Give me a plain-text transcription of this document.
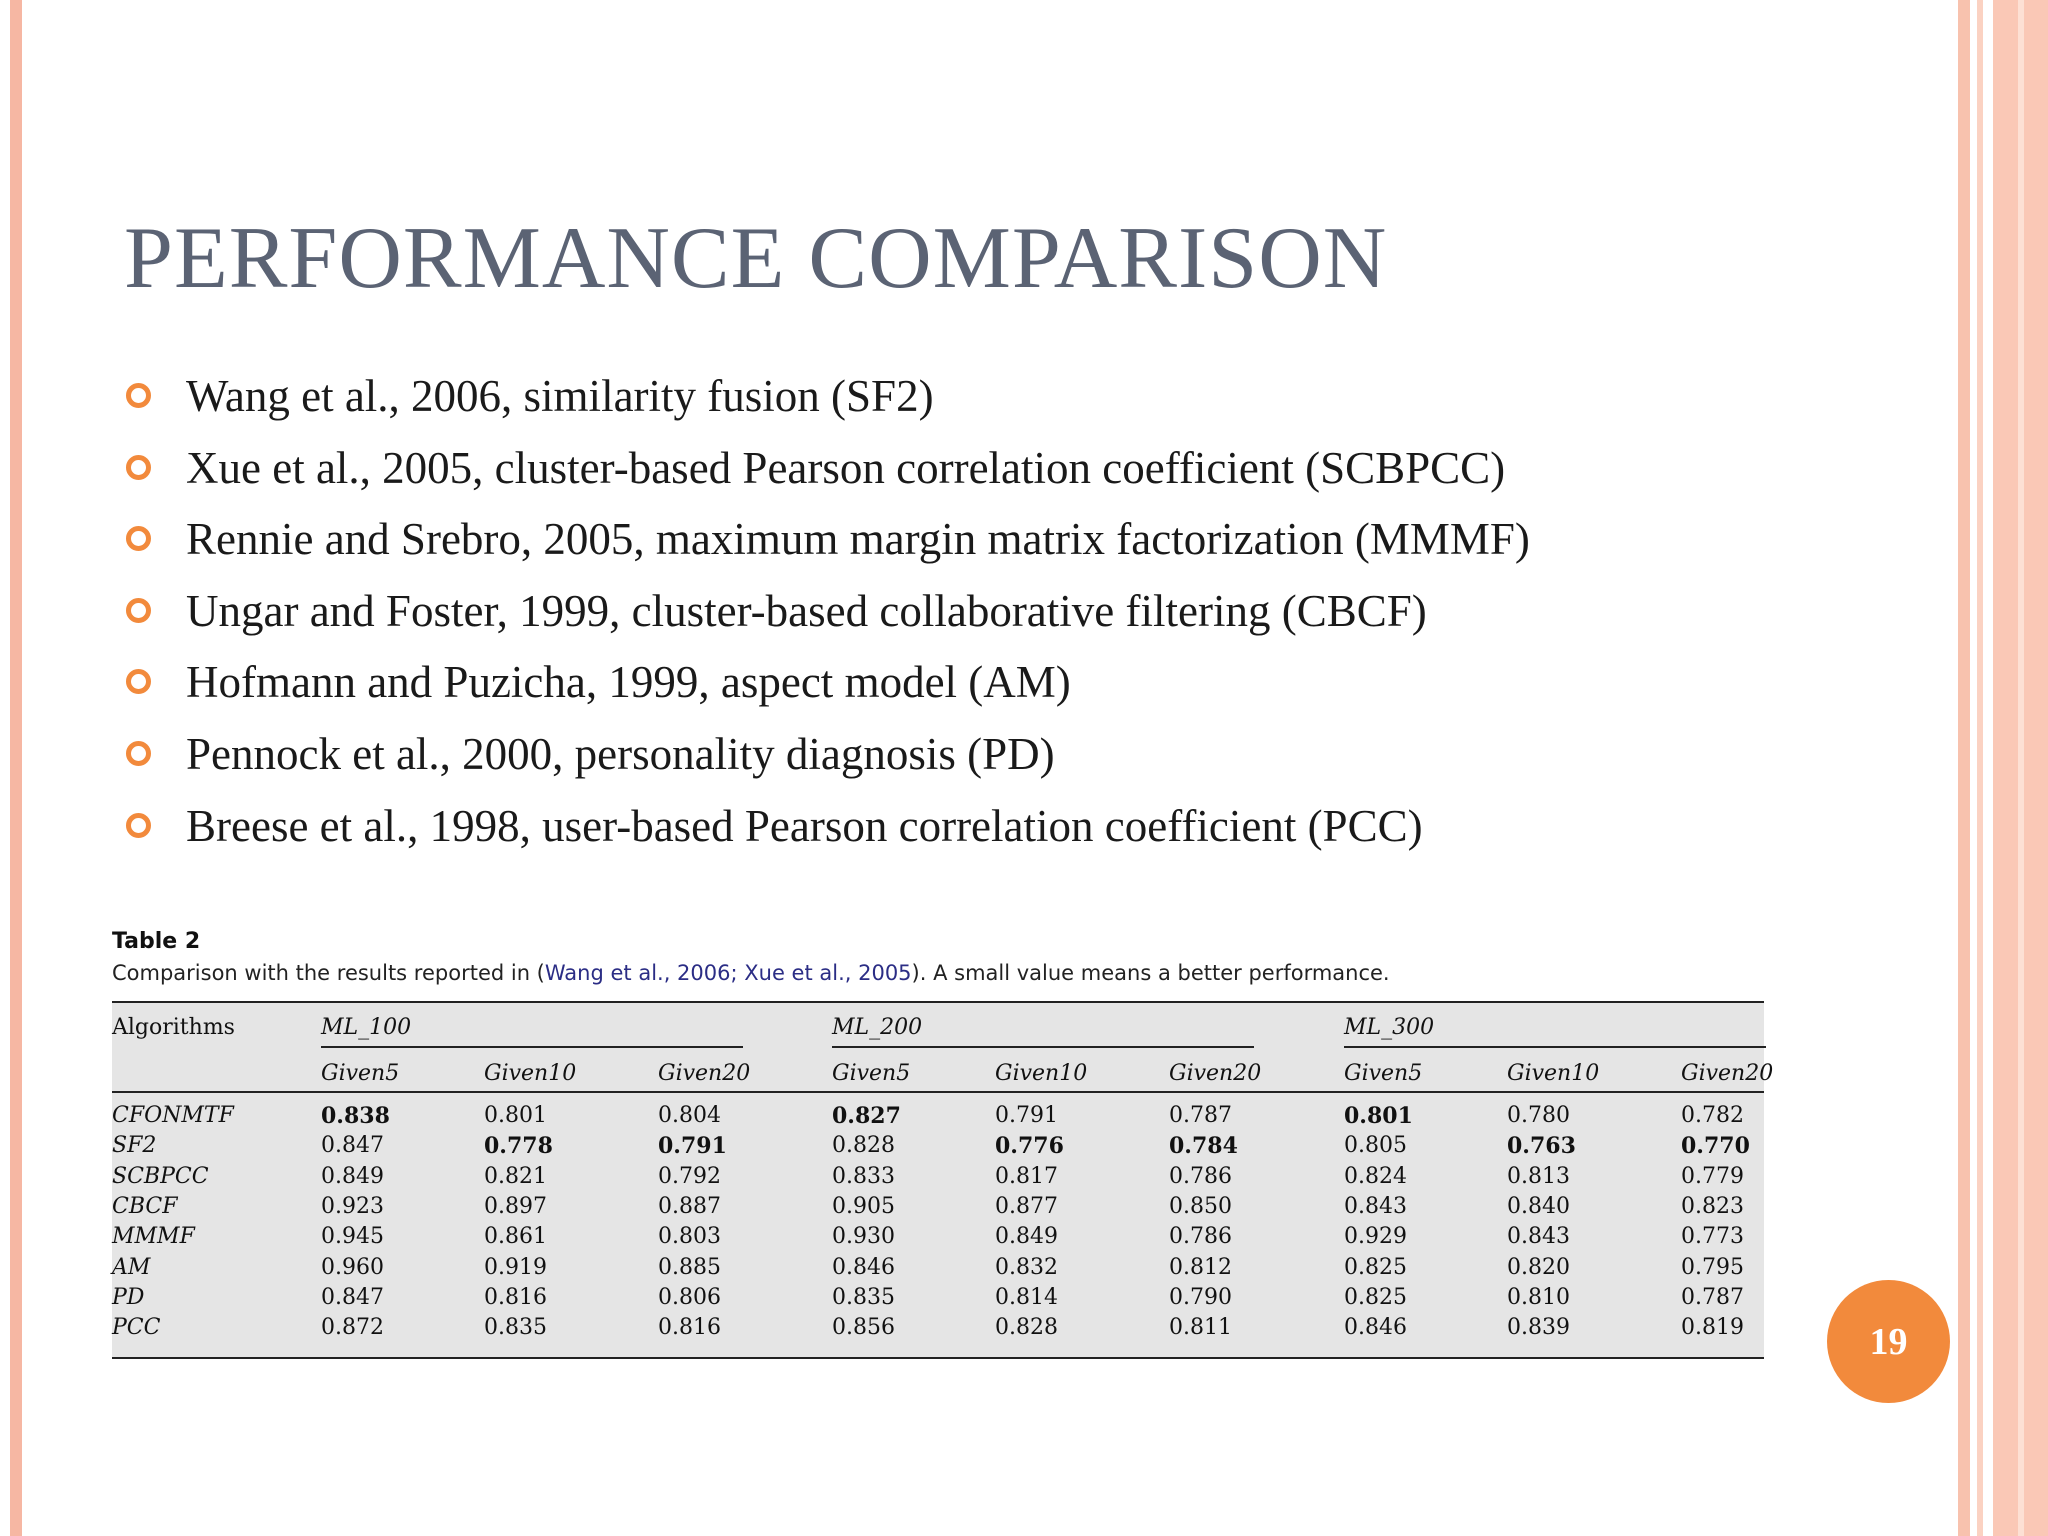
PERFORMANCE COMPARISON
Wang et al., 2006, similarity fusion (SF2)
Xue et al., 2005, cluster-based Pearson correlation coefficient (SCBPCC)
Rennie and Srebro, 2005, maximum margin matrix factorization (MMMF)
Ungar and Foster, 1999, cluster-based collaborative filtering (CBCF)
Hofmann and Puzicha, 1999, aspect model (AM)
Pennock et al., 2000, personality diagnosis (PD)
Breese et al., 1998, user-based Pearson correlation coefficient (PCC)
Table 2
Comparison with the results reported in (Wang et al., 2006; Xue et al., 2005). A small value means a better performance.
Algorithms	ML_100
Given5	Given10	Given20
ML_200
Given5	Given10	Given20
ML_300
Given5	Given10	Given20
CFONMTF	0.838	0.801	0.804	0.827	0.791	0.787	0.801	0.780	0.782
SF2	0.847	0.778	0.791	0.828	0.776	0.784	0.805	0.763	0.770
SCBPCC	0.849	0.821	0.792	0.833	0.817	0.786	0.824	0.813	0.779
CBCF	0.923	0.897	0.887	0.905	0.877	0.850	0.843	0.840	0.823
MMMF	0.945	0.861	0.803	0.930	0.849	0.786	0.929	0.843	0.773
AM	0.960	0.919	0.885	0.846	0.832	0.812	0.825	0.820	0.795
PD	0.847	0.816	0.806	0.835	0.814	0.790	0.825	0.810	0.787
PCC	0.872	0.835	0.816	0.856	0.828	0.811	0.846	0.839	0.819	19
